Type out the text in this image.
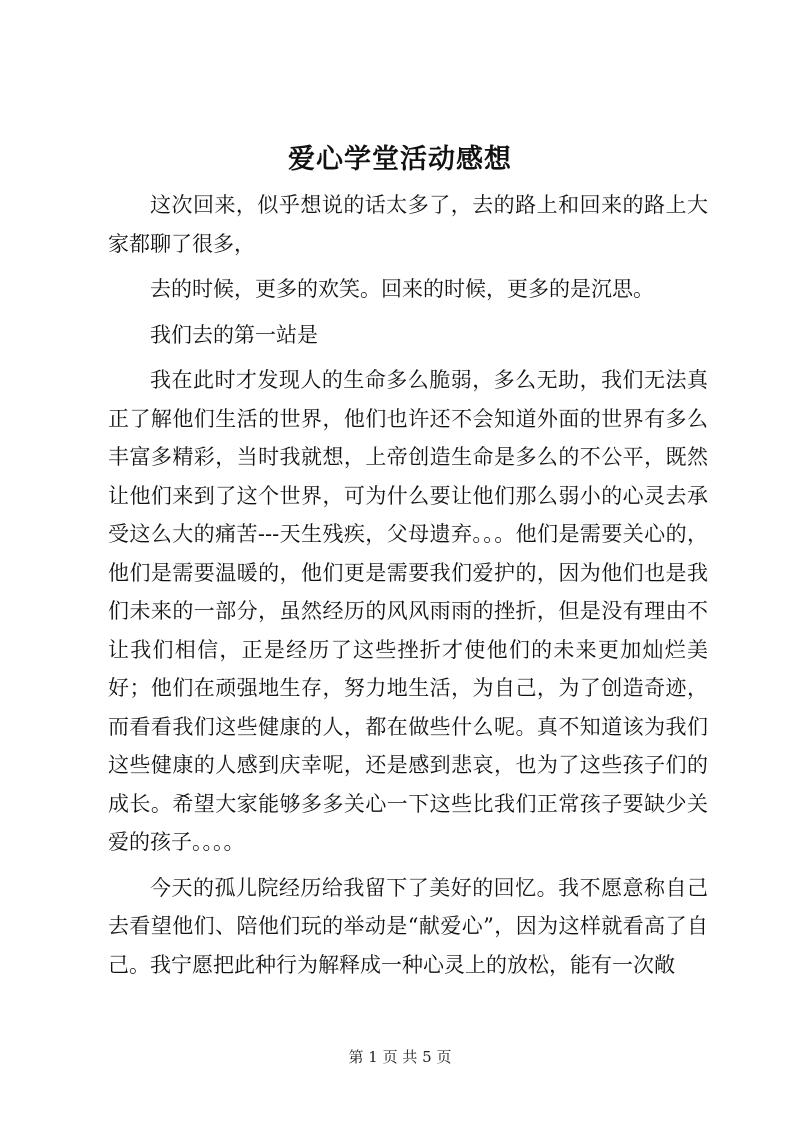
爱心学堂活动感想

这次回来，似乎想说的话太多了，去的路上和回来的路上大家都聊了很多，

去的时候，更多的欢笑。回来的时候，更多的是沉思。

我们去的第一站是

我在此时才发现人的生命多么脆弱，多么无助，我们无法真正了解他们生活的世界，他们也许还不会知道外面的世界有多么丰富多精彩，当时我就想，上帝创造生命是多么的不公平，既然让他们来到了这个世界，可为什么要让他们那么弱小的心灵去承受这么大的痛苦---天生残疾，父母遗弃。。。他们是需要关心的，他们是需要温暖的，他们更是需要我们爱护的，因为他们也是我们未来的一部分，虽然经历的风风雨雨的挫折，但是没有理由不让我们相信，正是经历了这些挫折才使他们的未来更加灿烂美好；他们在顽强地生存，努力地生活，为自己，为了创造奇迹，而看看我们这些健康的人，都在做些什么呢。真不知道该为我们这些健康的人感到庆幸呢，还是感到悲哀，也为了这些孩子们的成长。希望大家能够多多关心一下这些比我们正常孩子要缺少关爱的孩子。。。。

今天的孤儿院经历给我留下了美好的回忆。我不愿意称自己去看望他们、陪他们玩的举动是“献爱心”，因为这样就看高了自己。我宁愿把此种行为解释成一种心灵上的放松，能有一次敞

第 1 页 共 5 页
